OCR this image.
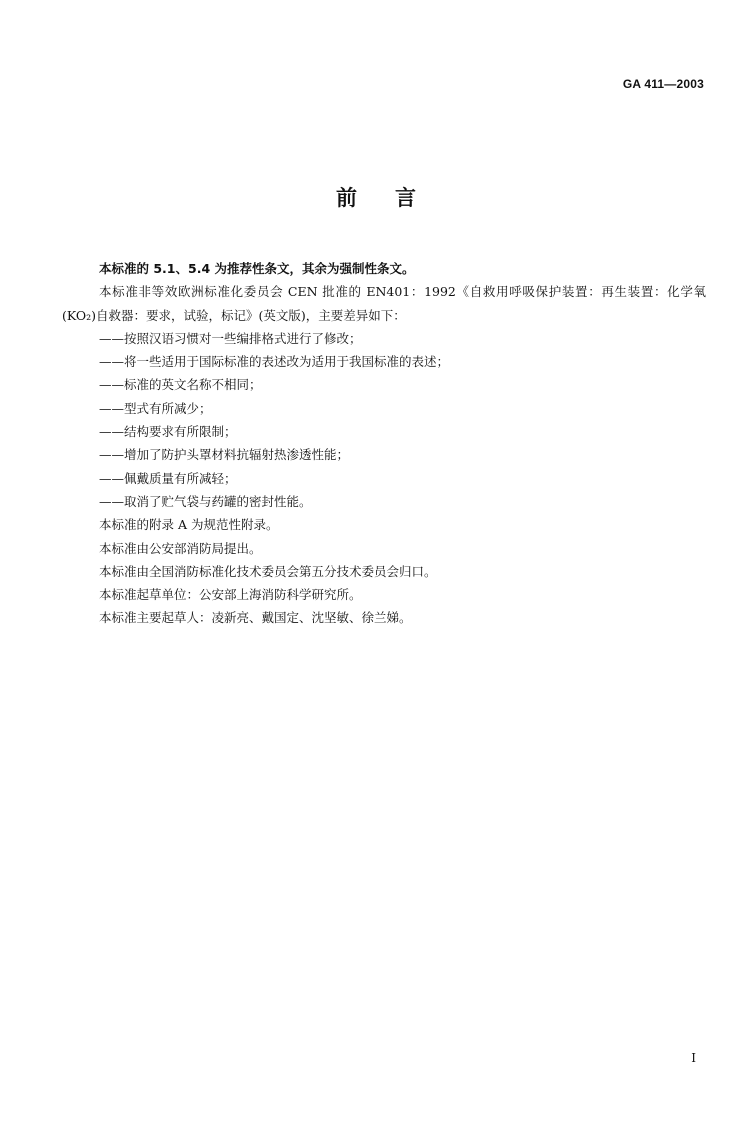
GA 411—2003
前 言

本标准的 5.1、5.4 为推荐性条文，其余为强制性条文。

本标准非等效欧洲标准化委员会 CEN 批准的 EN401：1992《自救用呼吸保护装置：再生装置：化学氧(KO₂)自救器：要求，试验，标记》(英文版)，主要差异如下：

——按照汉语习惯对一些编排格式进行了修改；

——将一些适用于国际标准的表述改为适用于我国标准的表述；

——标准的英文名称不相同；

——型式有所减少；

——结构要求有所限制；

——增加了防护头罩材料抗辐射热渗透性能；

——佩戴质量有所减轻；

——取消了贮气袋与药罐的密封性能。

本标准的附录 A 为规范性附录。

本标准由公安部消防局提出。

本标准由全国消防标准化技术委员会第五分技术委员会归口。

本标准起草单位：公安部上海消防科学研究所。

本标准主要起草人：凌新亮、戴国定、沈坚敏、徐兰娣。

I
